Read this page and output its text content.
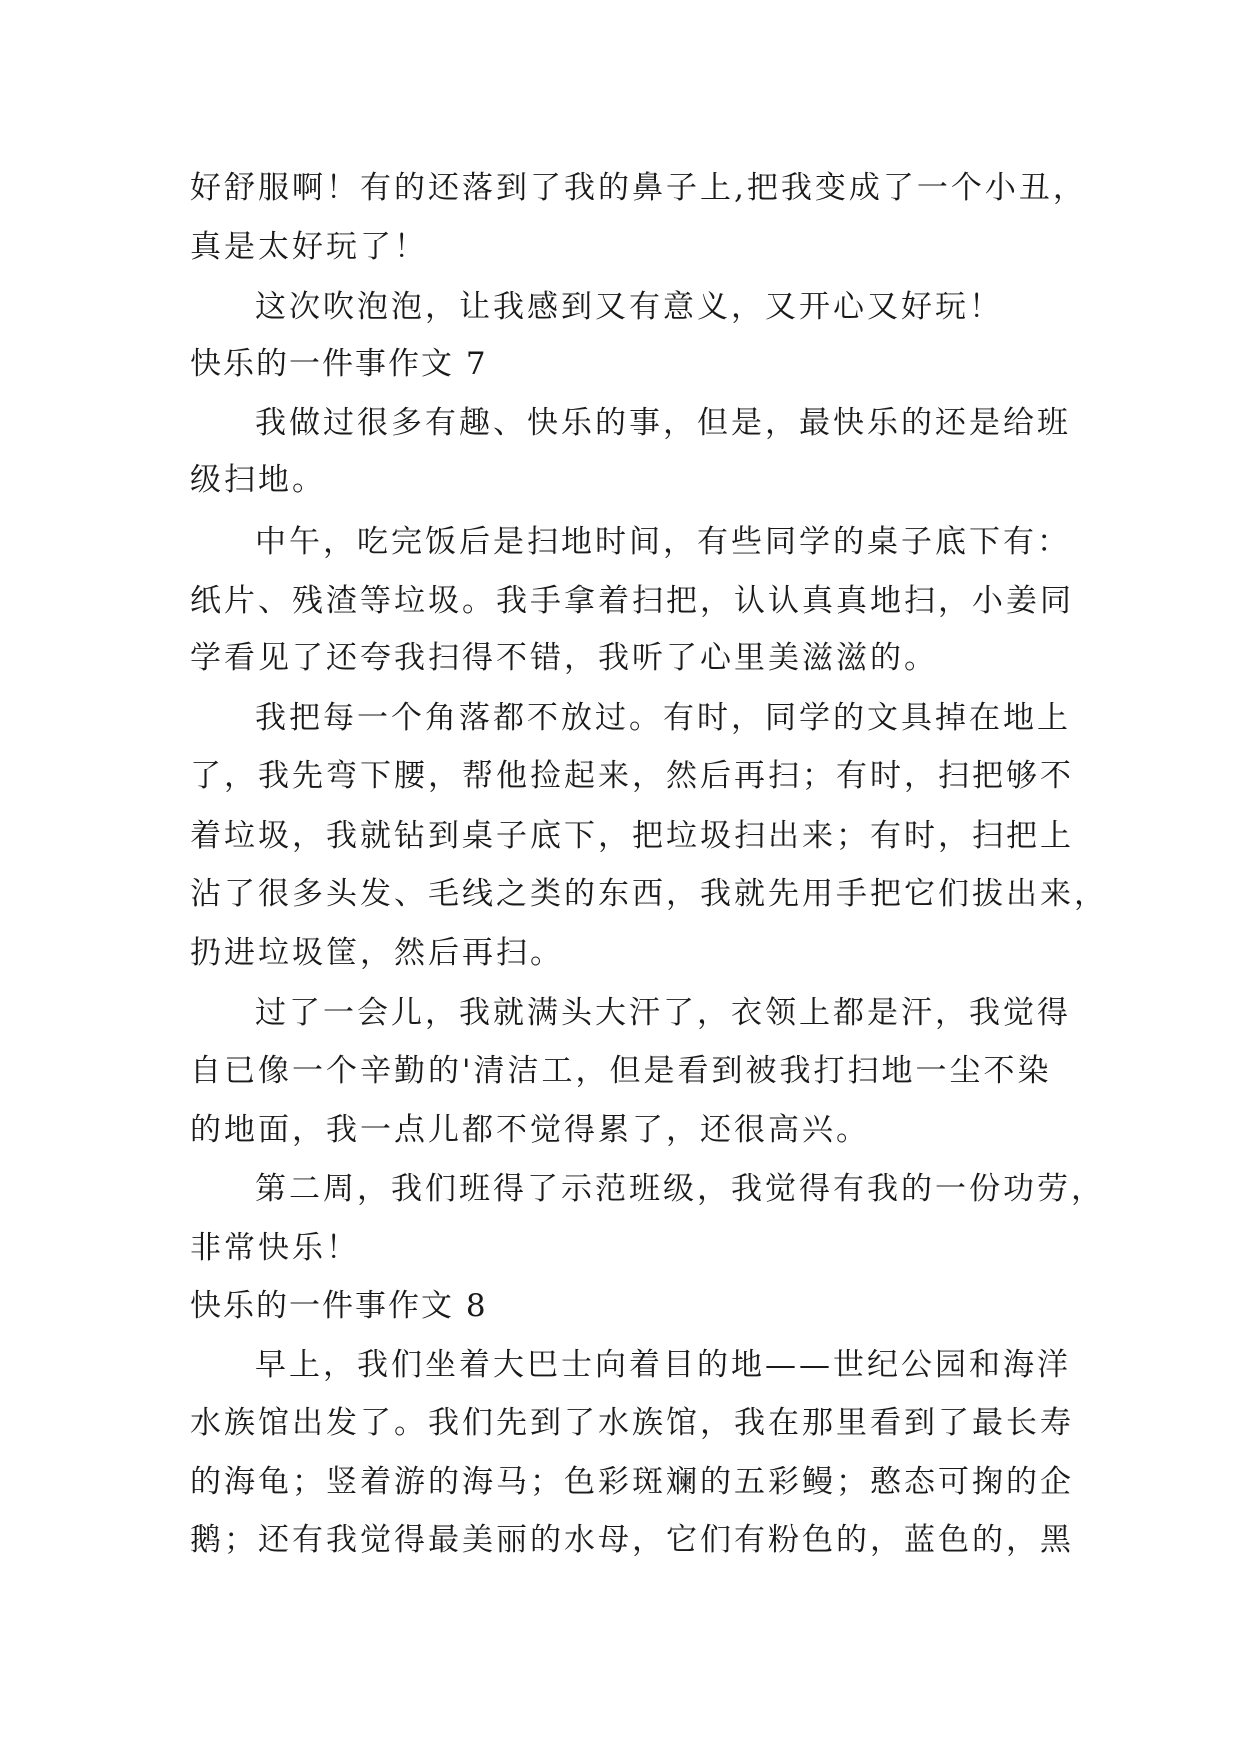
好舒服啊！有的还落到了我的鼻子上,把我变成了一个小丑，
真是太好玩了！
这次吹泡泡，让我感到又有意义，又开心又好玩！
快乐的一件事作文 7
我做过很多有趣、快乐的事，但是，最快乐的还是给班
级扫地。
中午，吃完饭后是扫地时间，有些同学的桌子底下有：
纸片、残渣等垃圾。我手拿着扫把，认认真真地扫，小姜同
学看见了还夸我扫得不错，我听了心里美滋滋的。
我把每一个角落都不放过。有时，同学的文具掉在地上
了，我先弯下腰，帮他捡起来，然后再扫；有时，扫把够不
着垃圾，我就钻到桌子底下，把垃圾扫出来；有时，扫把上
沾了很多头发、毛线之类的东西，我就先用手把它们拔出来，
扔进垃圾筐，然后再扫。
过了一会儿，我就满头大汗了，衣领上都是汗，我觉得
自已像一个辛勤的'清洁工，但是看到被我打扫地一尘不染
的地面，我一点儿都不觉得累了，还很高兴。
第二周，我们班得了示范班级，我觉得有我的一份功劳，
非常快乐！
快乐的一件事作文 8
早上，我们坐着大巴士向着目的地——世纪公园和海洋
水族馆出发了。我们先到了水族馆，我在那里看到了最长寿
的海龟；竖着游的海马；色彩斑斓的五彩鳗；憨态可掬的企
鹅；还有我觉得最美丽的水母，它们有粉色的，蓝色的，黑
